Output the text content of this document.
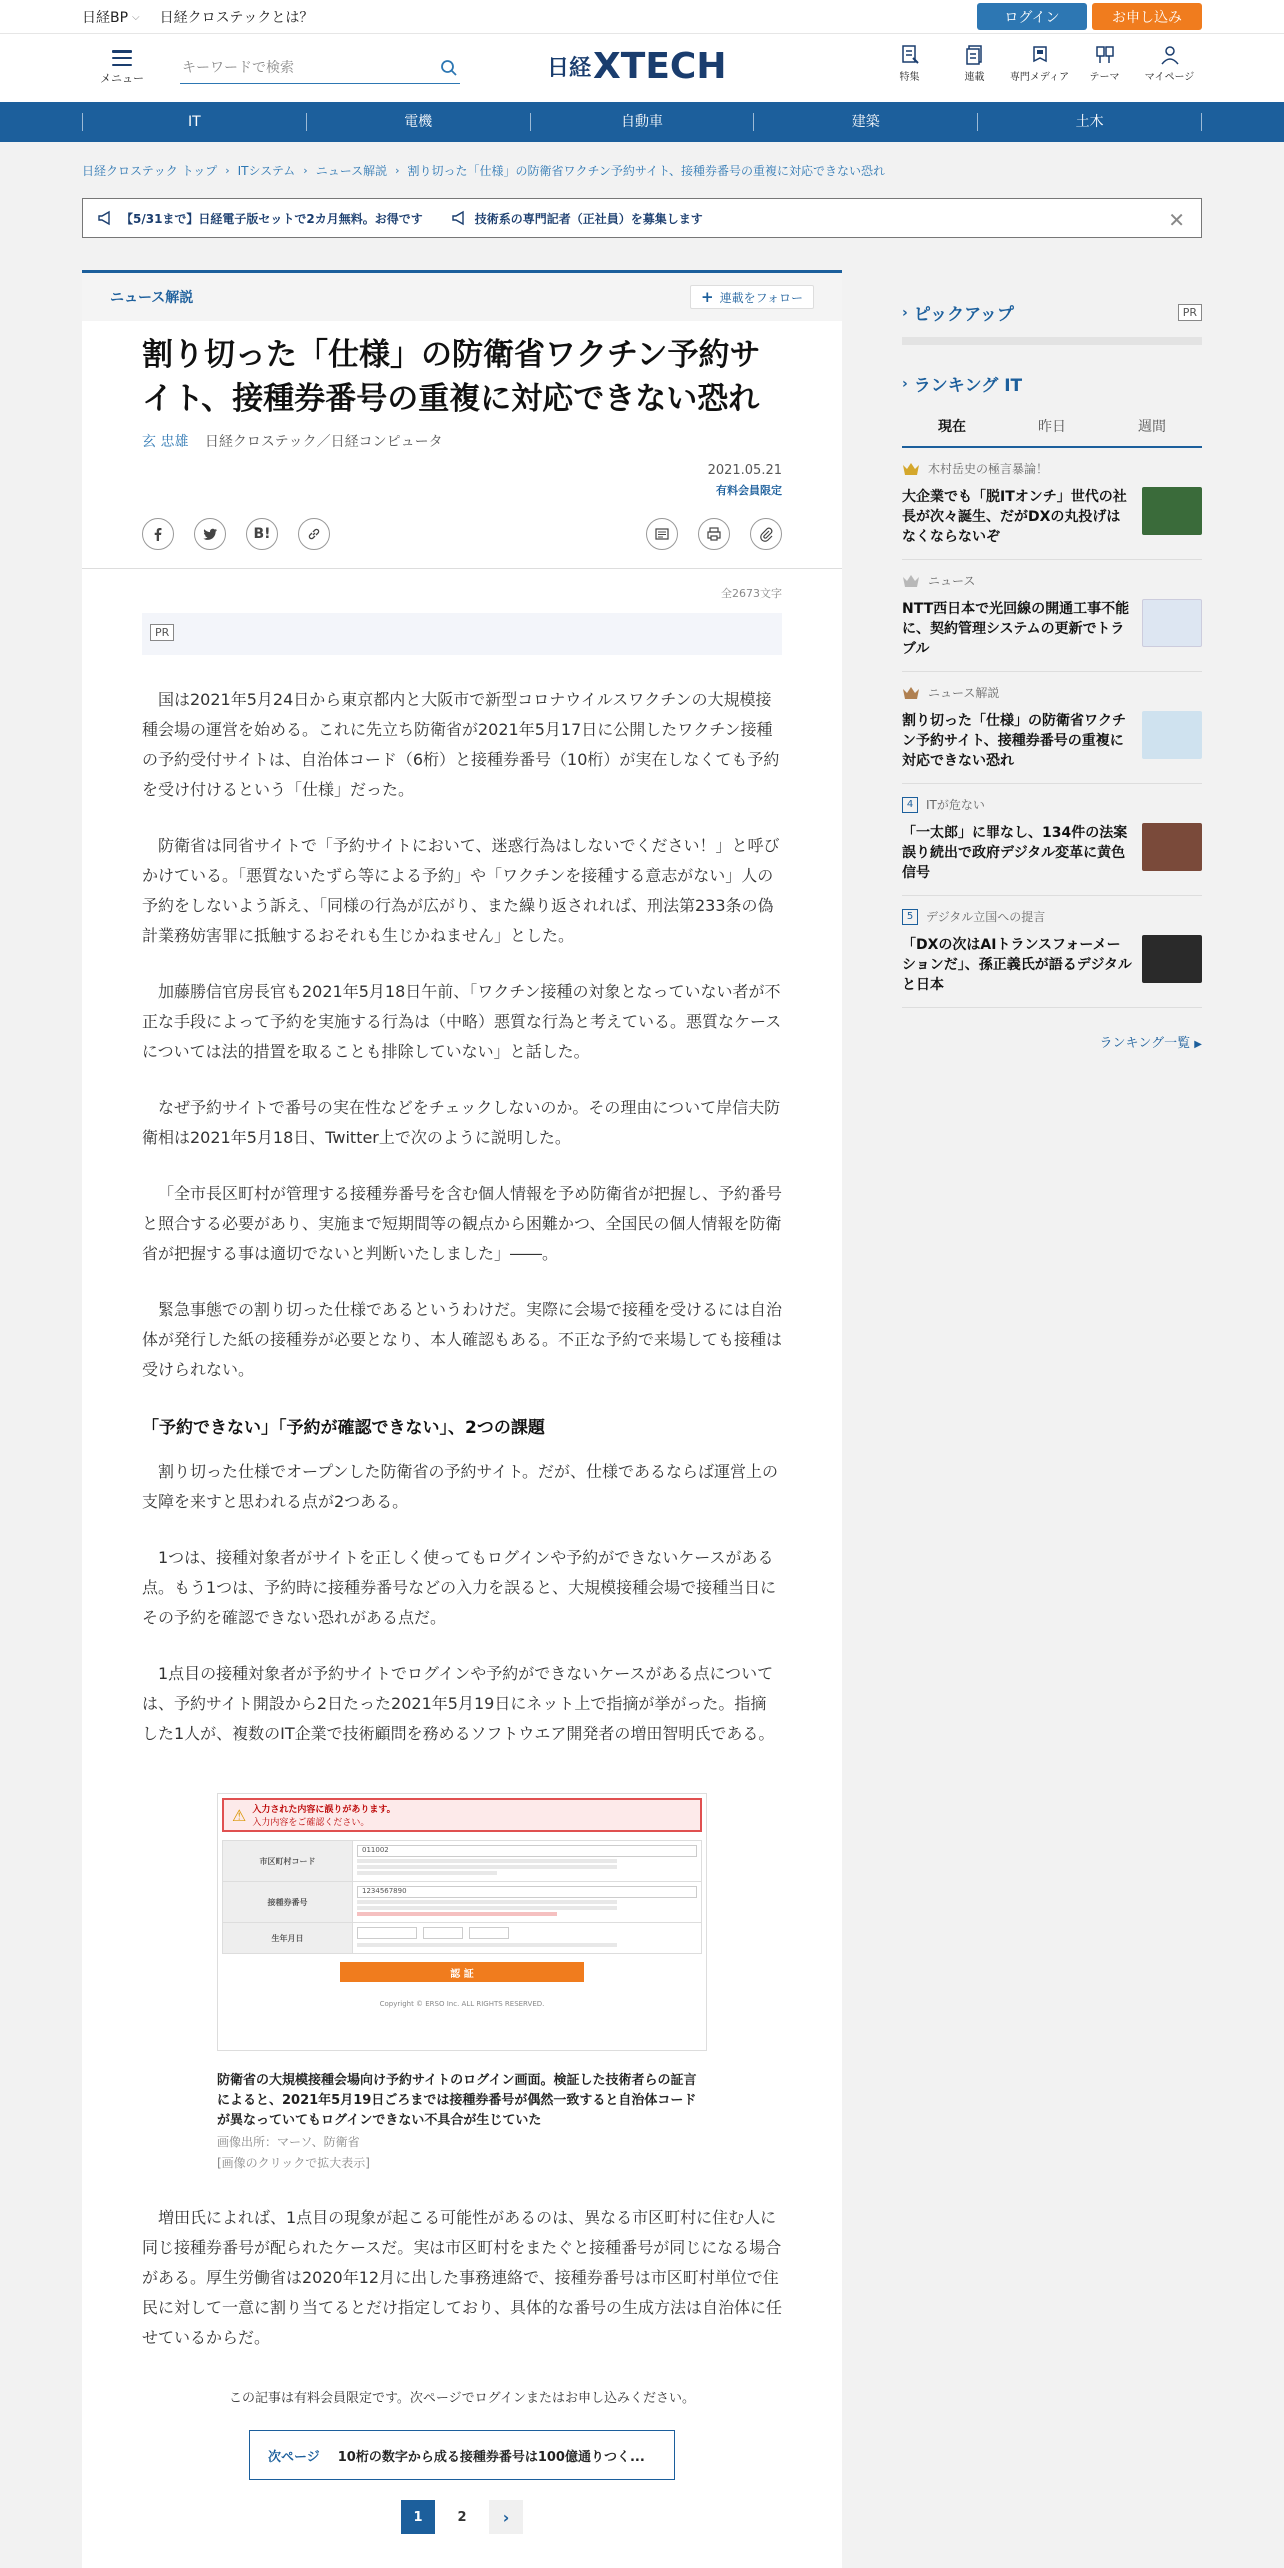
日経BP ⌵ 日経クロステックとは？	ログイン	お申し込み
メニュー
キーワードで検索	日経 XTECH	特集	連載	専門メディア テーマ	マイページ
IT	電機	自動車	建築	土木
日経クロステック トップ › ITシステム › ニュース解説 › 割り切った「仕様」の防衛省ワクチン予約サイト、接種券番号の重複に対応できない恐れ
【5/31まで】日経電子版セットで2カ月無料。お得です	技術系の専門記者（正社員）を募集します	✕
ニュース解説	+ 連載をフォロー
割り切った「仕様」の防衛省ワクチン予約サイト、接種券番号の重複に対応できない恐れ
玄 忠雄 日経クロステック／日経コンピュータ
2021.05.21
有料会員限定
B!
全2673文字
PR

国は2021年5月24日から東京都内と大阪市で新型コロナウイルスワクチンの大規模接種会場の運営を始める。これに先立ち防衛省が2021年5月17日に公開したワクチン接種の予約受付サイトは、自治体コード（6桁）と接種券番号（10桁）が実在しなくても予約を受け付けるという「仕様」だった。

防衛省は同省サイトで「予約サイトにおいて、迷惑行為はしないでください！」と呼びかけている。「悪質ないたずら等による予約」や「ワクチンを接種する意志がない」人の予約をしないよう訴え、「同様の行為が広がり、また繰り返されれば、刑法第233条の偽計業務妨害罪に抵触するおそれも生じかねません」とした。

加藤勝信官房長官も2021年5月18日午前、「ワクチン接種の対象となっていない者が不正な手段によって予約を実施する行為は（中略）悪質な行為と考えている。悪質なケースについては法的措置を取ることも排除していない」と話した。

なぜ予約サイトで番号の実在性などをチェックしないのか。その理由について岸信夫防衛相は2021年5月18日、Twitter上で次のように説明した。

「全市長区町村が管理する接種券番号を含む個人情報を予め防衛省が把握し、予約番号と照合する必要があり、実施まで短期間等の観点から困難かつ、全国民の個人情報を防衛省が把握する事は適切でないと判断いたしました」――。

緊急事態での割り切った仕様であるというわけだ。実際に会場で接種を受けるには自治体が発行した紙の接種券が必要となり、本人確認もある。不正な予約で来場しても接種は受けられない。

「予約できない」「予約が確認できない」、2つの課題

割り切った仕様でオープンした防衛省の予約サイト。だが、仕様であるならば運営上の支障を来すと思われる点が2つある。

1つは、接種対象者がサイトを正しく使ってもログインや予約ができないケースがある点。もう1つは、予約時に接種券番号などの入力を誤ると、大規模接種会場で接種当日にその予約を確認できない恐れがある点だ。

1点目の接種対象者が予約サイトでログインや予約ができないケースがある点については、予約サイト開設から2日たった2021年5月19日にネット上で指摘が挙がった。指摘した1人が、複数のIT企業で技術顧問を務めるソフトウエア開発者の増田智明氏である。

⚠ 入力された内容に誤りがあります。
入力内容をご確認ください。
市区町村コード	011002

接種券番号	1234567890

生年月日	
認 証
Copyright © ERSO Inc. ALL RIGHTS RESERVED.
防衛省の大規模接種会場向け予約サイトのログイン画面。検証した技術者らの証言によると、2021年5月19日ごろまでは接種券番号が偶然一致すると自治体コードが異なっていてもログインできない不具合が生じていた
画像出所：マーソ、防衛省
[画像のクリックで拡大表示]

増田氏によれば、1点目の現象が起こる可能性があるのは、異なる市区町村に住む人に同じ接種券番号が配られたケースだ。実は市区町村をまたぐと接種番号が同じになる場合がある。厚生労働省は2020年12月に出した事務連絡で、接種券番号は市区町村単位で住民に対して一意に割り当てるとだけ指定しており、具体的な番号の生成方法は自治体に任せているからだ。

この記事は有料会員限定です。次ページでログインまたはお申し込みください。
次ページ 10桁の数字から成る接種券番号は100億通りつく...
1	2	›
› ピックアップ	PR
› ランキング IT
現在	昨日	週間
木村岳史の極言暴論！
大企業でも「脱ITオンチ」世代の社長が次々誕生、だがDXの丸投げはなくならないぞ
ニュース
NTT西日本で光回線の開通工事不能に、契約管理システムの更新でトラブル
ニュース解説
割り切った「仕様」の防衛省ワクチン予約サイト、接種券番号の重複に対応できない恐れ
4	ITが危ない
「一太郎」に罪なし、134件の法案誤り続出で政府デジタル変革に黄色信号
5	デジタル立国への提言
「DXの次はAIトランスフォーメーションだ」、孫正義氏が語るデジタルと日本
ランキング一覧 ▶
